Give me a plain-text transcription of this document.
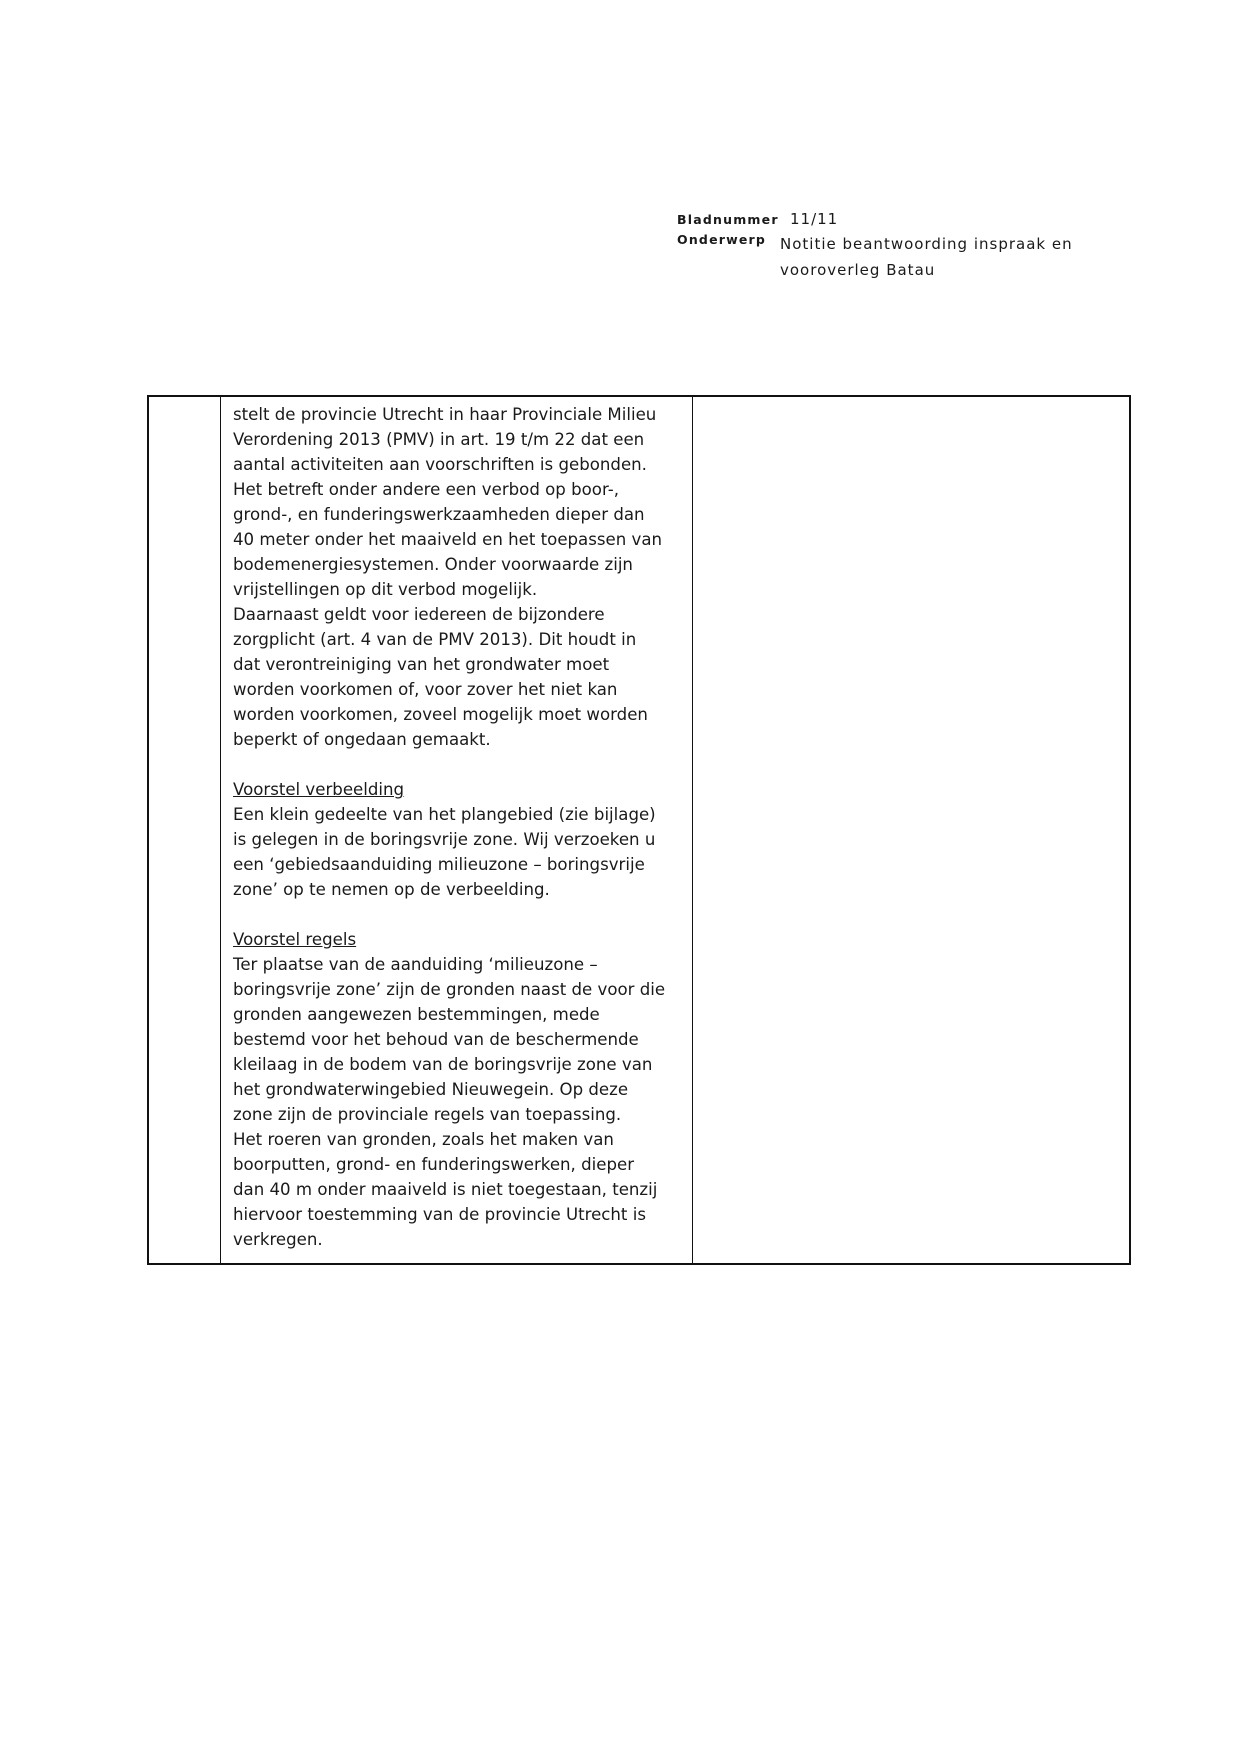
Bladnummer 11/11
Onderwerp Notitie beantwoording inspraak en vooroverleg Batau

stelt de provincie Utrecht in haar Provinciale Milieu
Verordening 2013 (PMV) in art. 19 t/m 22 dat een
aantal activiteiten aan voorschriften is gebonden.
Het betreft onder andere een verbod op boor-,
grond-, en funderingswerkzaamheden dieper dan
40 meter onder het maaiveld en het toepassen van
bodemenergiesystemen. Onder voorwaarde zijn
vrijstellingen op dit verbod mogelijk.
Daarnaast geldt voor iedereen de bijzondere
zorgplicht (art. 4 van de PMV 2013). Dit houdt in
dat verontreiniging van het grondwater moet
worden voorkomen of, voor zover het niet kan
worden voorkomen, zoveel mogelijk moet worden
beperkt of ongedaan gemaakt.

Voorstel verbeelding

Een klein gedeelte van het plangebied (zie bijlage)
is gelegen in de boringsvrije zone. Wij verzoeken u
een ‘gebiedsaanduiding milieuzone – boringsvrije
zone’ op te nemen op de verbeelding.

Voorstel regels

Ter plaatse van de aanduiding ‘milieuzone –
boringsvrije zone’ zijn de gronden naast de voor die
gronden aangewezen bestemmingen, mede
bestemd voor het behoud van de beschermende
kleilaag in de bodem van de boringsvrije zone van
het grondwaterwingebied Nieuwegein. Op deze
zone zijn de provinciale regels van toepassing.
Het roeren van gronden, zoals het maken van
boorputten, grond- en funderingswerken, dieper
dan 40 m onder maaiveld is niet toegestaan, tenzij
hiervoor toestemming van de provincie Utrecht is
verkregen.
